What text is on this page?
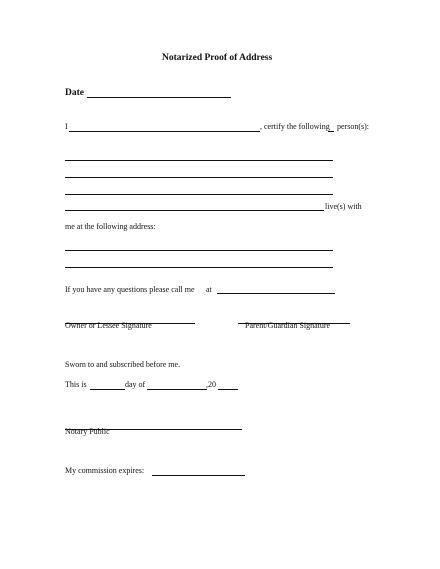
Notarized Proof of Address
Date
I	, certify the following person(s):
live(s) with
me at the following address:
If you have any questions please call me at
Owner or Lessee Signature	Parent/Guardian Signature
Sworn to and subscribed before me.
This is	day of	,20
Notary Public
My commission expires:
